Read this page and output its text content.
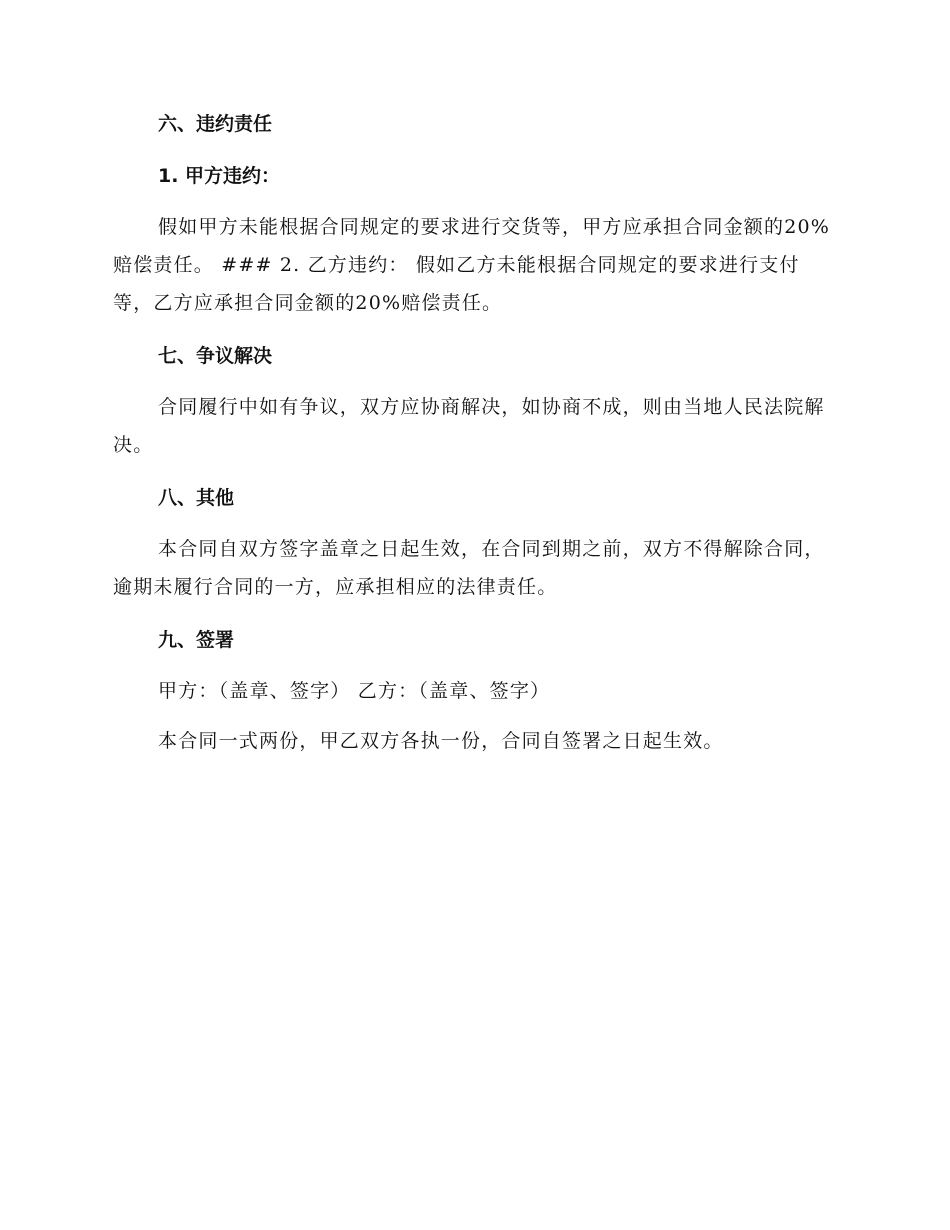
六、违约责任
1. 甲方违约：

假如甲方未能根据合同规定的要求进行交货等，甲方应承担合同金额的20%赔偿责任。 ### 2. 乙方违约： 假如乙方未能根据合同规定的要求进行支付等，乙方应承担合同金额的20%赔偿责任。

七、争议解决

合同履行中如有争议，双方应协商解决，如协商不成，则由当地人民法院解决。

八、其他

本合同自双方签字盖章之日起生效，在合同到期之前，双方不得解除合同，逾期未履行合同的一方，应承担相应的法律责任。

九、签署

甲方：（盖章、签字） 乙方：（盖章、签字）

本合同一式两份，甲乙双方各执一份，合同自签署之日起生效。
